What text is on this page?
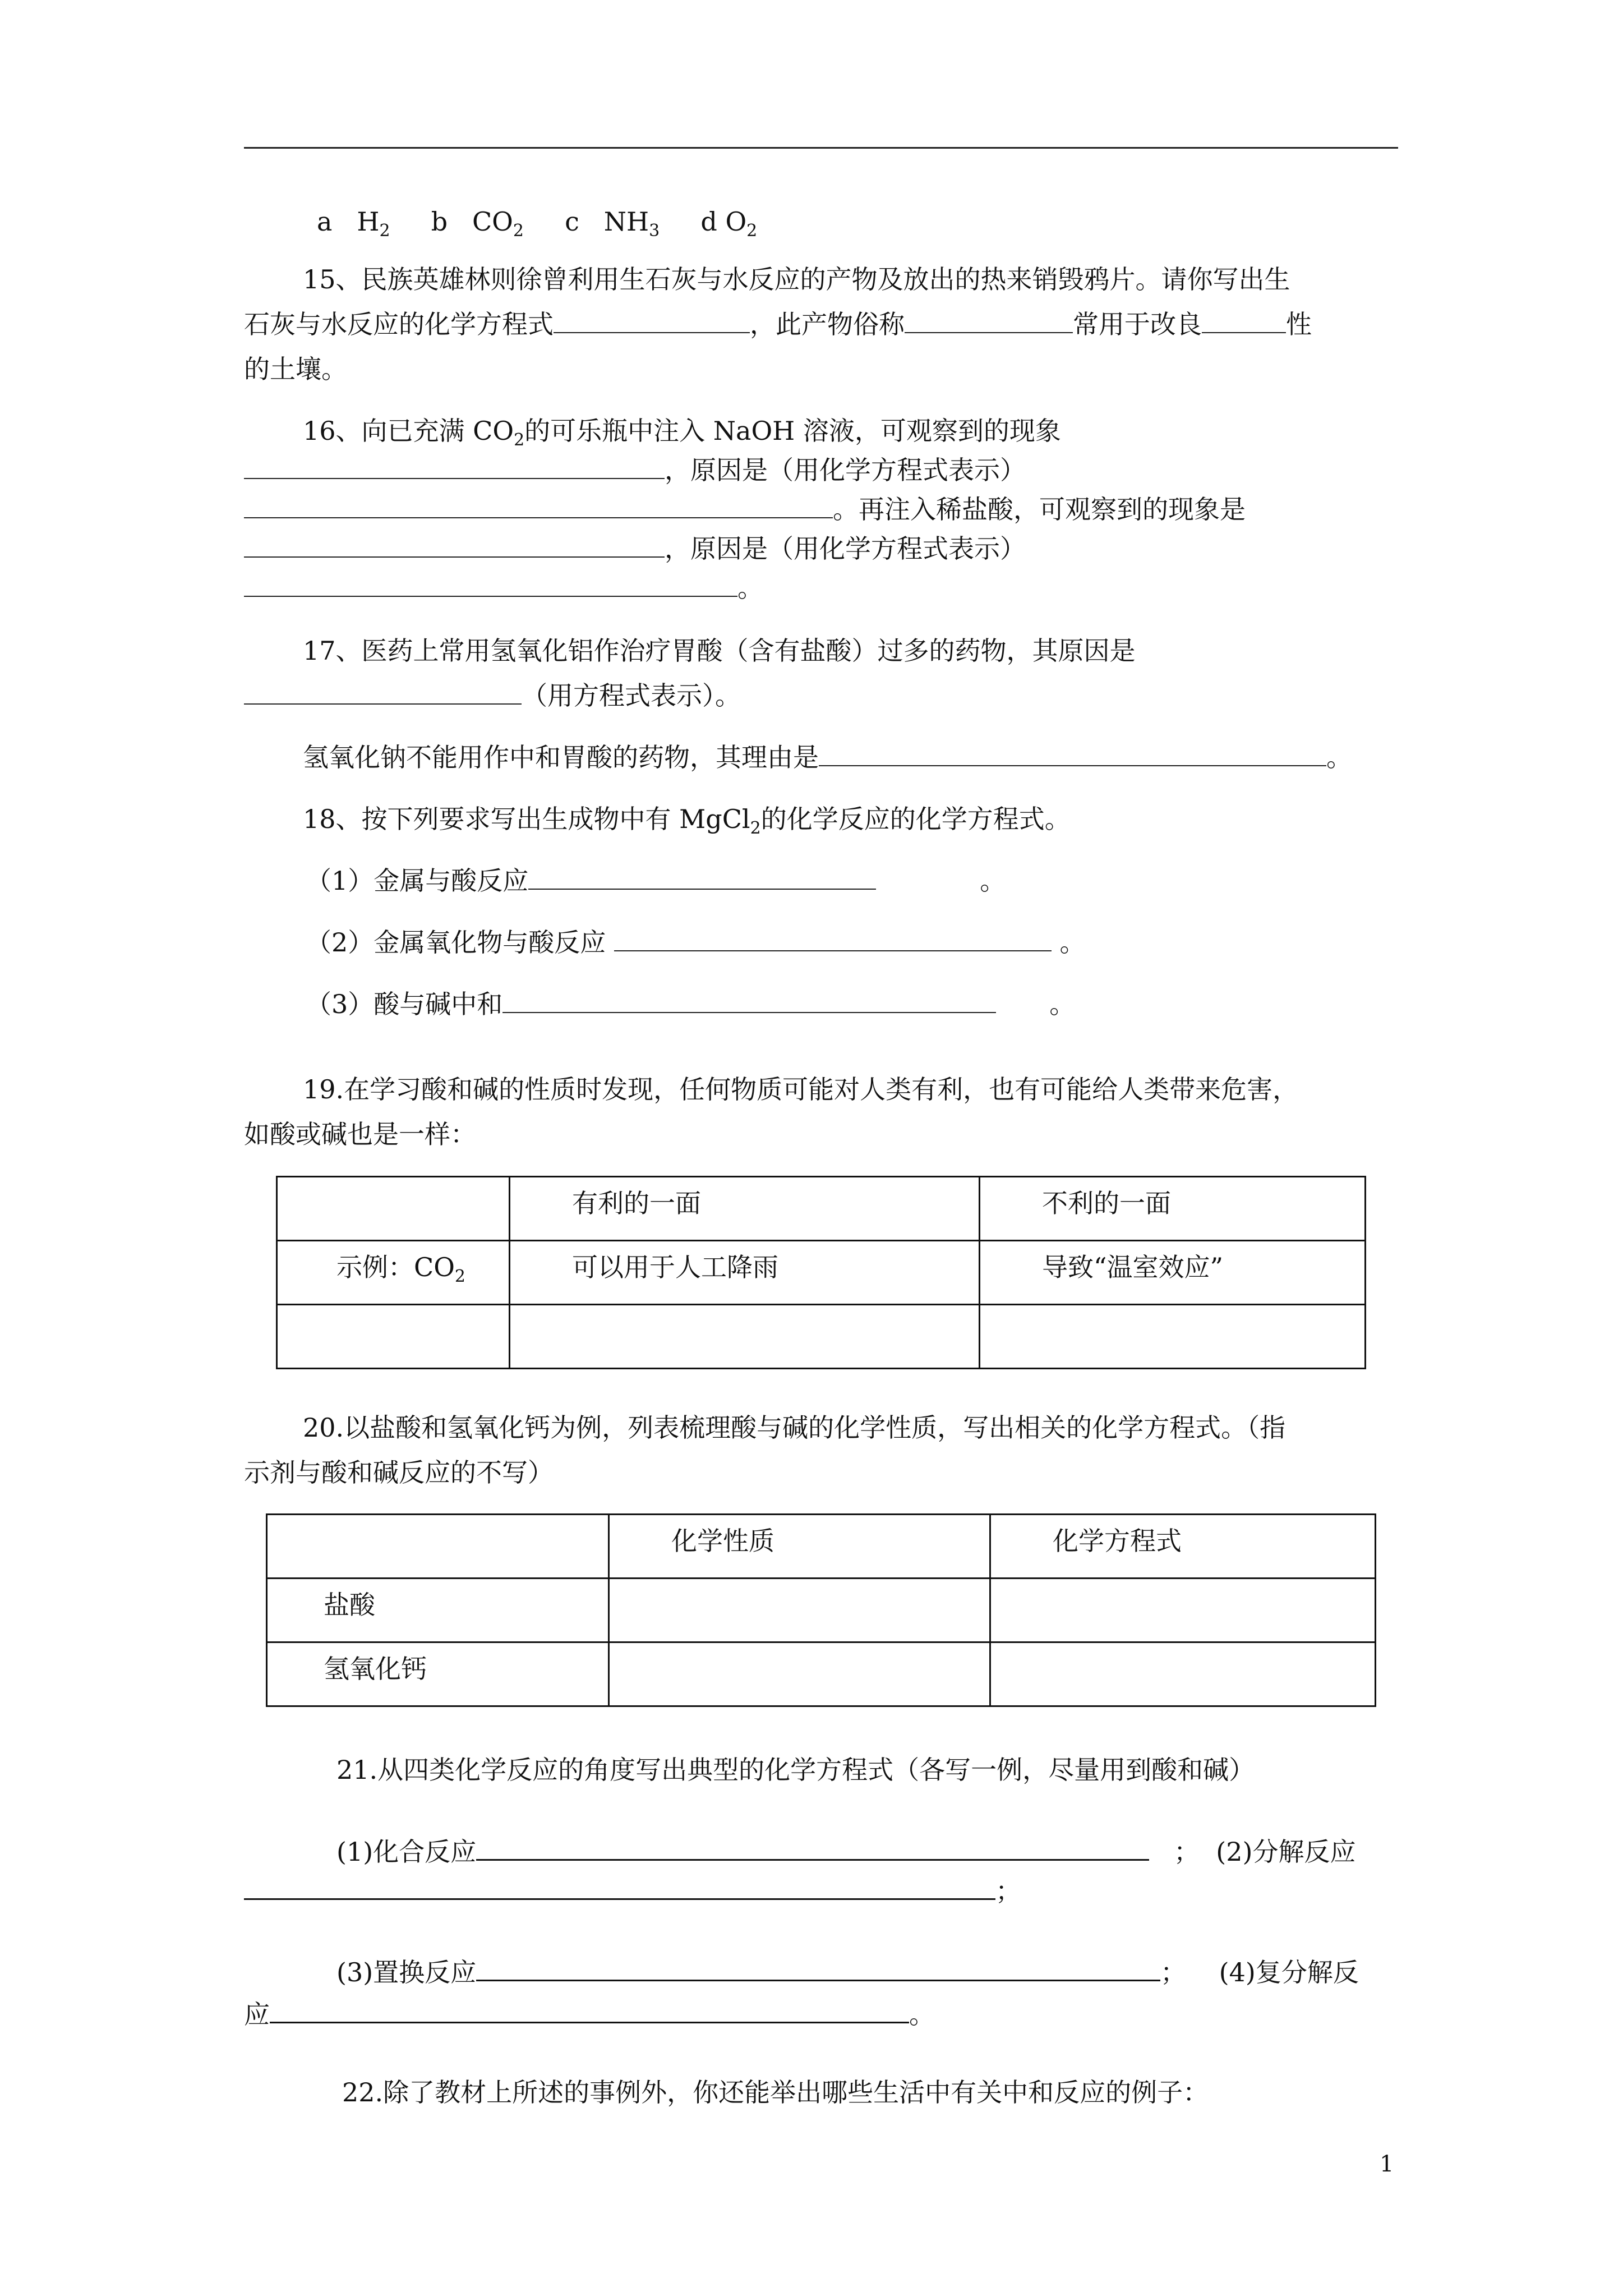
a $H_2$ b $CO_2$ c $NH_3$ d $O_2$
15、民族英雄林则徐曾利用生石灰与水反应的产物及放出的热来销毁鸦片。请你写出生
石灰与水反应的化学方程式	，此产物俗称	常用于改良	性
的土壤。
16、向已充满 $CO_2$的可乐瓶中注入 NaOH 溶液，可观察到的现象
，原因是（用化学方程式表示）
。再注入稀盐酸，可观察到的现象是
，原因是（用化学方程式表示）
。
17、医药上常用氢氧化铝作治疗胃酸（含有盐酸）过多的药物，其原因是
（用方程式表示）。
氢氧化钠不能用作中和胃酸的药物，其理由是	。
18、按下列要求写出生成物中有 MgCl$_2$的化学反应的化学方程式。
（1）金属与酸反应	。
（2）金属氧化物与酸反应	。
（3）酸与碱中和	。
19.在学习酸和碱的性质时发现，任何物质可能对人类有利，也有可能给人类带来危害，
如酸或碱也是一样：
	有利的一面	不利的一面
示例：$CO_2$	可以用于人工降雨	导致“温室效应”

20.以盐酸和氢氧化钙为例，列表梳理酸与碱的化学性质，写出相关的化学方程式。（指
示剂与酸和碱反应的不写）
	化学性质	化学方程式
盐酸		
氢氧化钙		
21.从四类化学反应的角度写出典型的化学方程式（各写一例，尽量用到酸和碱）
(1)化合反应	； (2)分解反应
；
(3)置换反应	； (4)复分解反
应	。
22.除了教材上所述的事例外，你还能举出哪些生活中有关中和反应的例子：
1
